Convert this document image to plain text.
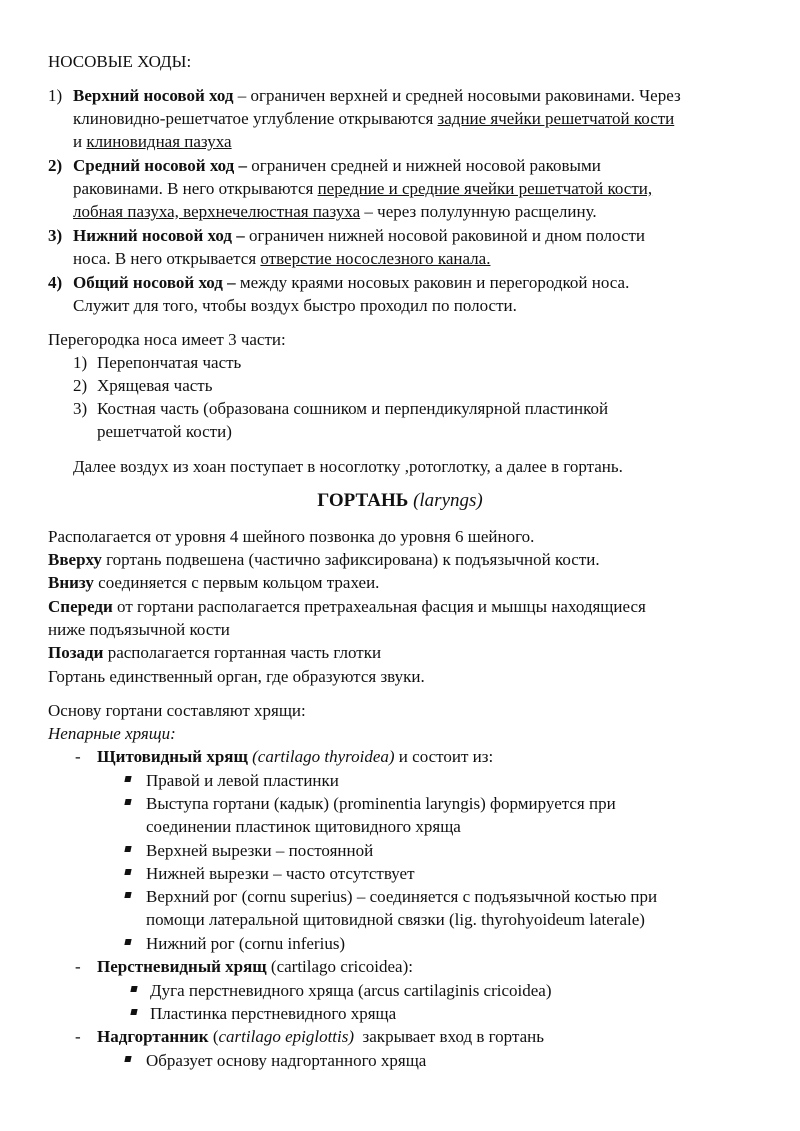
НОСОВЫЕ ХОДЫ:
1) Верхний носовой ход – ограничен верхней и средней носовыми раковинами. Через
клиновидно-решетчатое углубление открываются задние ячейки решетчатой кости
и клиновидная пазуха
2) Средний носовой ход – ограничен средней и нижней носовой раковыми
раковинами. В него открываются передние и средние ячейки решетчатой кости,
лобная пазуха, верхнечелюстная пазуха – через полулунную расщелину.
3) Нижний носовой ход – ограничен нижней носовой раковиной и дном полости
носа. В него открывается отверстие носослезного канала.
4) Общий носовой ход – между краями носовых раковин и перегородкой носа.
Служит для того, чтобы воздух быстро проходил по полости.
Перегородка носа имеет 3 части:
1) Перепончатая часть
2) Хрящевая часть
3) Костная часть (образована сошником и перпендикулярной пластинкой
решетчатой кости)
Далее воздух из хоан поступает в носоглотку ,ротоглотку, а далее в гортань.
ГОРТАНЬ (laryngs)
Располагается от уровня 4 шейного позвонка до уровня 6 шейного.
Вверху гортань подвешена (частично зафиксирована) к подъязычной кости.
Внизу соединяется с первым кольцом трахеи.
Спереди от гортани располагается претрахеальная фасция и мышцы находящиеся
ниже подъязычной кости
Позади располагается гортанная часть глотки
Гортань единственный орган, где образуются звуки.
Основу гортани составляют хрящи:
Непарные хрящи:
- Щитовидный хрящ (cartilago thyroidea) и состоит из:
Правой и левой пластинки
Выступа гортани (кадык) (prominentia laryngis) формируется при
соединении пластинок щитовидного хряща
Верхней вырезки – постоянной
Нижней вырезки – часто отсутствует
Верхний рог (cornu superius) – соединяется с подъязычной костью при
помощи латеральной щитовидной связки (lig. thyrohyoideum laterale)
Нижний рог (cornu inferius)
- Перстневидный хрящ (cartilago cricoidea):
Дуга перстневидного хряща (arcus cartilaginis cricoidea)
Пластинка перстневидного хряща
- Надгортанник (cartilago epiglottis)  закрывает вход в гортань
Образует основу надгортанного хряща
